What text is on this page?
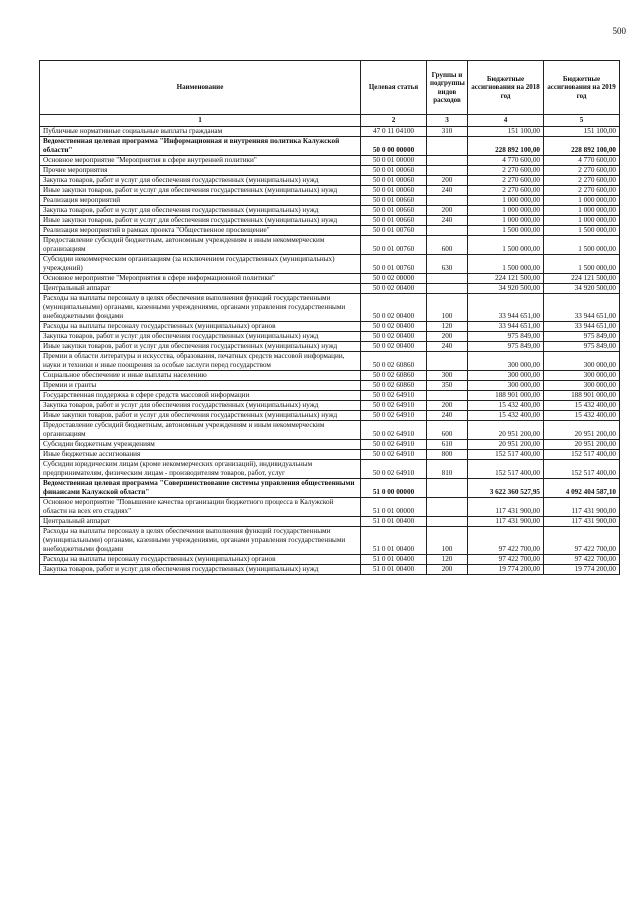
500
Наименование	Целевая статья	Группы и подгруппы видов расходов	Бюджетные ассигнования на 2018 год	Бюджетные ассигнования на 2019 год
1	2	3	4	5
Публичные нормативные социальные выплаты гражданам	47 0 11 04100	310	151 100,00	151 100,00
Ведомственная целевая программа "Информационная и внутренняя политика Калужской области"	50 0 00 00000		228 892 100,00	228 892 100,00
Основное мероприятие "Мероприятия в сфере внутренней политики"	50 0 01 00000		4 770 600,00	4 770 600,00
Прочие мероприятия	50 0 01 00060		2 270 600,00	2 270 600,00
Закупка товаров, работ и услуг для обеспечения государственных (муниципальных) нужд	50 0 01 00060	200	2 270 600,00	2 270 600,00
Иные закупки товаров, работ и услуг для обеспечения государственных (муниципальных) нужд	50 0 01 00060	240	2 270 600,00	2 270 600,00
Реализация мероприятий	50 0 01 00660		1 000 000,00	1 000 000,00
Закупка товаров, работ и услуг для обеспечения государственных (муниципальных) нужд	50 0 01 00660	200	1 000 000,00	1 000 000,00
Иные закупки товаров, работ и услуг для обеспечения государственных (муниципальных) нужд	50 0 01 00660	240	1 000 000,00	1 000 000,00
Реализация мероприятий в рамках проекта "Общественное просвещение"	50 0 01 00760		1 500 000,00	1 500 000,00
Предоставление субсидий бюджетным, автономным учреждениям и иным некоммерческим организациям	50 0 01 00760	600	1 500 000,00	1 500 000,00
Субсидии некоммерческим организациям (за исключением государственных (муниципальных) учреждений)	50 0 01 00760	630	1 500 000,00	1 500 000,00
Основное мероприятие "Мероприятия в сфере информационной политики"	50 0 02 00000		224 121 500,00	224 121 500,00
Центральный аппарат	50 0 02 00400		34 920 500,00	34 920 500,00
Расходы на выплаты персоналу в целях обеспечения выполнения функций государственными (муниципальными) органами, казенными учреждениями, органами управления государственными внебюджетными фондами	50 0 02 00400	100	33 944 651,00	33 944 651,00
Расходы на выплаты персоналу государственных (муниципальных) органов	50 0 02 00400	120	33 944 651,00	33 944 651,00
Закупка товаров, работ и услуг для обеспечения государственных (муниципальных) нужд	50 0 02 00400	200	975 849,00	975 849,00
Иные закупки товаров, работ и услуг для обеспечения государственных (муниципальных) нужд	50 0 02 00400	240	975 849,00	975 849,00
Премии в области литературы и искусства, образования, печатных средств массовой информации, науки и техники и иные поощрения за особые заслуги перед государством	50 0 02 60860		300 000,00	300 000,00
Социальное обеспечение и иные выплаты населению	50 0 02 60860	300	300 000,00	300 000,00
Премии и гранты	50 0 02 60860	350	300 000,00	300 000,00
Государственная поддержка в сфере средств массовой информации	50 0 02 64910		188 901 000,00	188 901 000,00
Закупка товаров, работ и услуг для обеспечения государственных (муниципальных) нужд	50 0 02 64910	200	15 432 400,00	15 432 400,00
Иные закупки товаров, работ и услуг для обеспечения государственных (муниципальных) нужд	50 0 02 64910	240	15 432 400,00	15 432 400,00
Предоставление субсидий бюджетным, автономным учреждениям и иным некоммерческим организациям	50 0 02 64910	600	20 951 200,00	20 951 200,00
Субсидии бюджетным учреждениям	50 0 02 64910	610	20 951 200,00	20 951 200,00
Иные бюджетные ассигнования	50 0 02 64910	800	152 517 400,00	152 517 400,00
Субсидии юридическим лицам (кроме некоммерческих организаций), индивидуальным предпринимателям, физическим лицам - производителям товаров, работ, услуг	50 0 02 64910	810	152 517 400,00	152 517 400,00
Ведомственная целевая программа "Совершенствование системы управления общественными финансами Калужской области"	51 0 00 00000		3 622 360 527,95	4 092 404 587,10
Основное мероприятие "Повышение качества организации бюджетного процесса в Калужской области на всех его стадиях"	51 0 01 00000		117 431 900,00	117 431 900,00
Центральный аппарат	51 0 01 00400		117 431 900,00	117 431 900,00
Расходы на выплаты персоналу в целях обеспечения выполнения функций государственными (муниципальными) органами, казенными учреждениями, органами управления государственными внебюджетными фондами	51 0 01 00400	100	97 422 700,00	97 422 700,00
Расходы на выплаты персоналу государственных (муниципальных) органов	51 0 01 00400	120	97 422 700,00	97 422 700,00
Закупка товаров, работ и услуг для обеспечения государственных (муниципальных) нужд	51 0 01 00400	200	19 774 200,00	19 774 200,00
